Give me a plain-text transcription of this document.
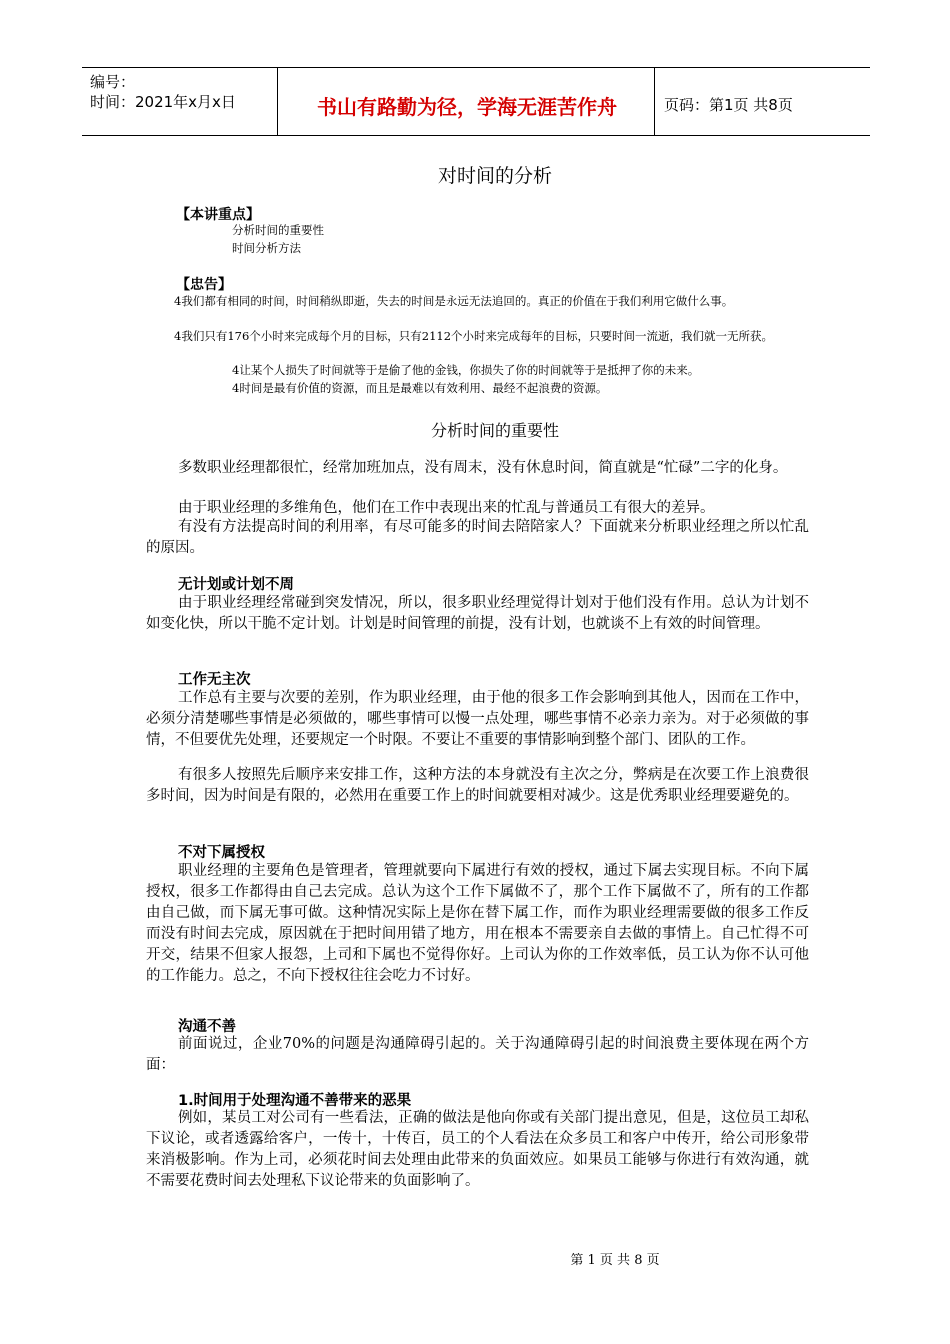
编号：
时间：2021年x月x日	书山有路勤为径，学海无涯苦作舟	页码：第1页 共8页
对时间的分析
【本讲重点】
分析时间的重要性
时间分析方法
【忠告】
4我们都有相同的时间，时间稍纵即逝，失去的时间是永远无法追回的。真正的价值在于我们利用它做什么事。
4我们只有176个小时来完成每个月的目标，只有2112个小时来完成每年的目标，只要时间一流逝，我们就一无所获。
4让某个人损失了时间就等于是偷了他的金钱，你损失了你的时间就等于是抵押了你的未来。
4时间是最有价值的资源，而且是最难以有效利用、最经不起浪费的资源。
分析时间的重要性
多数职业经理都很忙，经常加班加点，没有周末，没有休息时间，简直就是“忙碌”二字的化身。
由于职业经理的多维角色，他们在工作中表现出来的忙乱与普通员工有很大的差异。
有没有方法提高时间的利用率，有尽可能多的时间去陪陪家人？下面就来分析职业经理之所以忙乱的原因。
无计划或计划不周
由于职业经理经常碰到突发情况，所以，很多职业经理觉得计划对于他们没有作用。总认为计划不如变化快，所以干脆不定计划。计划是时间管理的前提，没有计划，也就谈不上有效的时间管理。
工作无主次
工作总有主要与次要的差别，作为职业经理，由于他的很多工作会影响到其他人，因而在工作中，必须分清楚哪些事情是必须做的，哪些事情可以慢一点处理，哪些事情不必亲力亲为。对于必须做的事情，不但要优先处理，还要规定一个时限。不要让不重要的事情影响到整个部门、团队的工作。
有很多人按照先后顺序来安排工作，这种方法的本身就没有主次之分，弊病是在次要工作上浪费很多时间，因为时间是有限的，必然用在重要工作上的时间就要相对减少。这是优秀职业经理要避免的。
不对下属授权
职业经理的主要角色是管理者，管理就要向下属进行有效的授权，通过下属去实现目标。不向下属授权，很多工作都得由自己去完成。总认为这个工作下属做不了，那个工作下属做不了，所有的工作都由自己做，而下属无事可做。这种情况实际上是你在替下属工作，而作为职业经理需要做的很多工作反而没有时间去完成，原因就在于把时间用错了地方，用在根本不需要亲自去做的事情上。自己忙得不可开交，结果不但家人报怨，上司和下属也不觉得你好。上司认为你的工作效率低，员工认为你不认可他的工作能力。总之，不向下授权往往会吃力不讨好。
沟通不善
前面说过，企业70%的问题是沟通障碍引起的。关于沟通障碍引起的时间浪费主要体现在两个方面：
1.时间用于处理沟通不善带来的恶果
例如，某员工对公司有一些看法，正确的做法是他向你或有关部门提出意见，但是，这位员工却私下议论，或者透露给客户，一传十，十传百，员工的个人看法在众多员工和客户中传开，给公司形象带来消极影响。作为上司，必须花时间去处理由此带来的负面效应。如果员工能够与你进行有效沟通，就不需要花费时间去处理私下议论带来的负面影响了。
第 1 页 共 8 页
